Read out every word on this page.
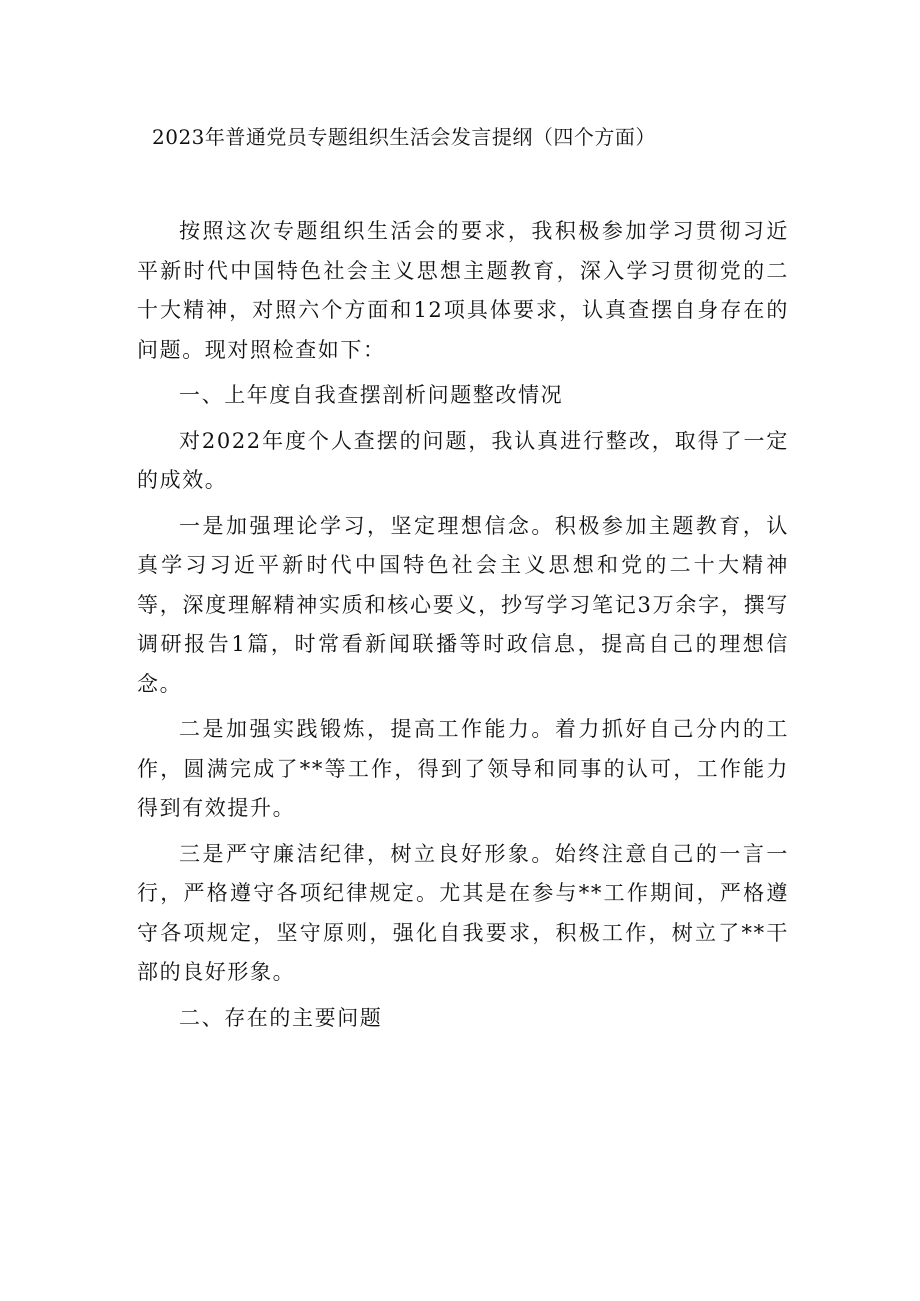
2023年普通党员专题组织生活会发言提纲（四个方面）

按照这次专题组织生活会的要求，我积极参加学习贯彻习近平新时代中国特色社会主义思想主题教育，深入学习贯彻党的二十大精神，对照六个方面和12项具体要求，认真查摆自身存在的问题。现对照检查如下：

一、上年度自我查摆剖析问题整改情况

对2022年度个人查摆的问题，我认真进行整改，取得了一定的成效。

一是加强理论学习，坚定理想信念。积极参加主题教育，认真学习习近平新时代中国特色社会主义思想和党的二十大精神等，深度理解精神实质和核心要义，抄写学习笔记3万余字，撰写调研报告1篇，时常看新闻联播等时政信息，提高自己的理想信念。

二是加强实践锻炼，提高工作能力。着力抓好自己分内的工作，圆满完成了**等工作，得到了领导和同事的认可，工作能力得到有效提升。

三是严守廉洁纪律，树立良好形象。始终注意自己的一言一行，严格遵守各项纪律规定。尤其是在参与**工作期间，严格遵守各项规定，坚守原则，强化自我要求，积极工作，树立了**干部的良好形象。

二、存在的主要问题
